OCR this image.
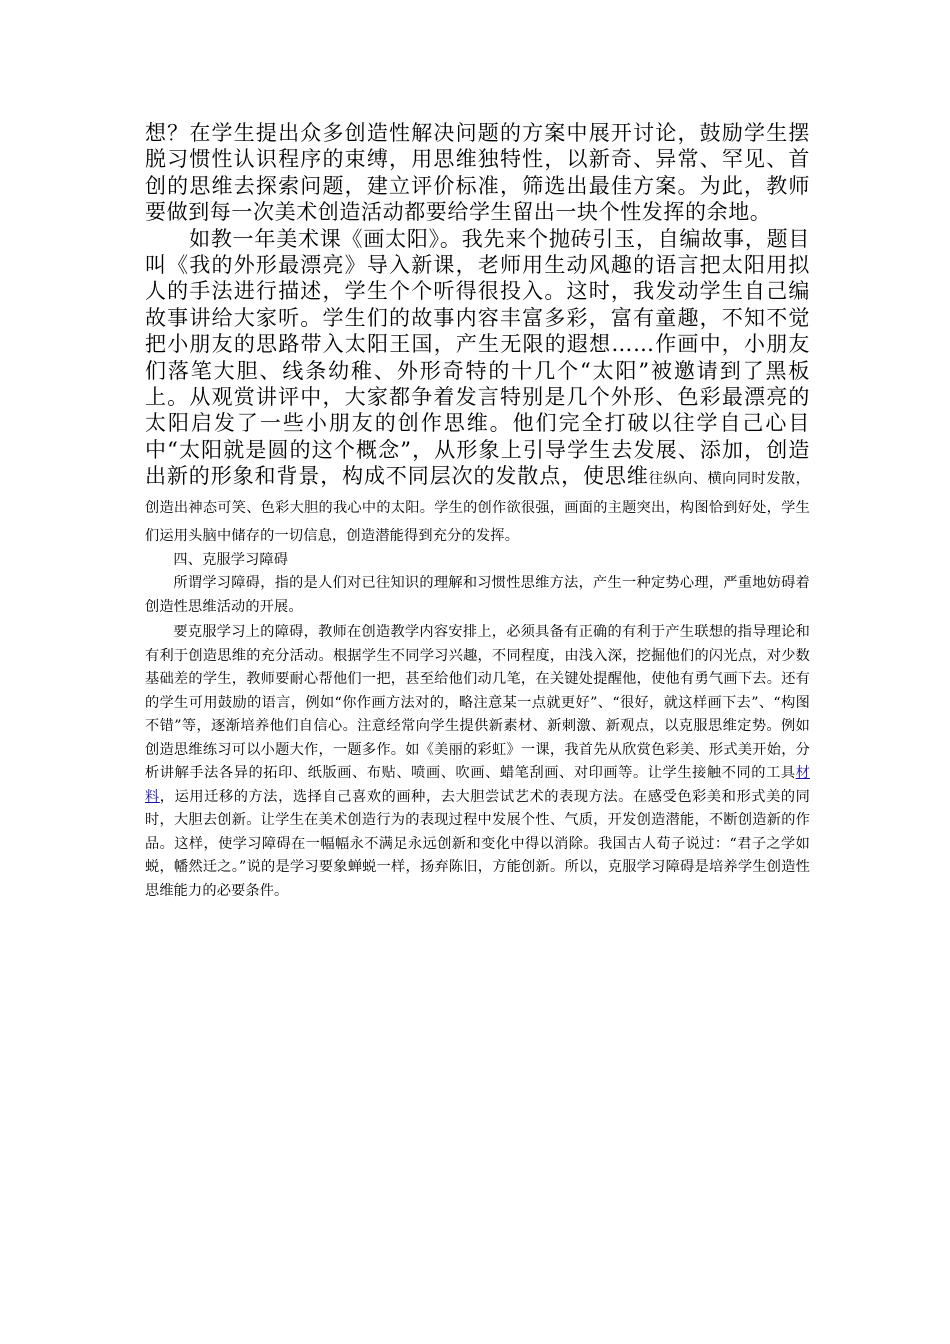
想？在学生提出众多创造性解决问题的方案中展开讨论，鼓励学生摆脱习惯性认识程序的束缚，用思维独特性，以新奇、异常、罕见、首创的思维去探索问题，建立评价标准，筛选出最佳方案。为此，教师要做到每一次美术创造活动都要给学生留出一块个性发挥的余地。

如教一年美术课《画太阳》。我先来个抛砖引玉，自编故事，题目叫《我的外形最漂亮》导入新课，老师用生动风趣的语言把太阳用拟人的手法进行描述，学生个个听得很投入。这时，我发动学生自己编故事讲给大家听。学生们的故事内容丰富多彩，富有童趣，不知不觉把小朋友的思路带入太阳王国，产生无限的遐想……作画中，小朋友们落笔大胆、线条幼稚、外形奇特的十几个“太阳”被邀请到了黑板上。从观赏讲评中，大家都争着发言特别是几个外形、色彩最漂亮的太阳启发了一些小朋友的创作思维。他们完全打破以往学自己心目中“太阳就是圆的这个概念”，从形象上引导学生去发展、添加，创造出新的形象和背景，构成不同层次的发散点，使思维往纵向、横向同时发散，创造出神态可笑、色彩大胆的我心中的太阳。学生的创作欲很强，画面的主题突出，构图恰到好处，学生们运用头脑中储存的一切信息，创造潜能得到充分的发挥。

四、克服学习障碍

所谓学习障碍，指的是人们对已往知识的理解和习惯性思维方法，产生一种定势心理，严重地妨碍着创造性思维活动的开展。

要克服学习上的障碍，教师在创造教学内容安排上，必须具备有正确的有利于产生联想的指导理论和有利于创造思维的充分活动。根据学生不同学习兴趣，不同程度，由浅入深，挖掘他们的闪光点，对少数基础差的学生，教师要耐心帮他们一把，甚至给他们动几笔，在关键处提醒他，使他有勇气画下去。还有的学生可用鼓励的语言，例如“你作画方法对的，略注意某一点就更好”、“很好，就这样画下去”、“构图不错”等，逐渐培养他们自信心。注意经常向学生提供新素材、新刺激、新观点，以克服思维定势。例如创造思维练习可以小题大作，一题多作。如《美丽的彩虹》一课，我首先从欣赏色彩美、形式美开始，分析讲解手法各异的拓印、纸版画、布贴、喷画、吹画、蜡笔刮画、对印画等。让学生接触不同的工具材料，运用迁移的方法，选择自己喜欢的画种，去大胆尝试艺术的表现方法。在感受色彩美和形式美的同时，大胆去创新。让学生在美术创造行为的表现过程中发展个性、气质，开发创造潜能，不断创造新的作品。这样，使学习障碍在一幅幅永不满足永远创新和变化中得以消除。我国古人荀子说过：“君子之学如蜕，幡然迁之。”说的是学习要象蝉蜕一样，扬弃陈旧，方能创新。所以，克服学习障碍是培养学生创造性思维能力的必要条件。
